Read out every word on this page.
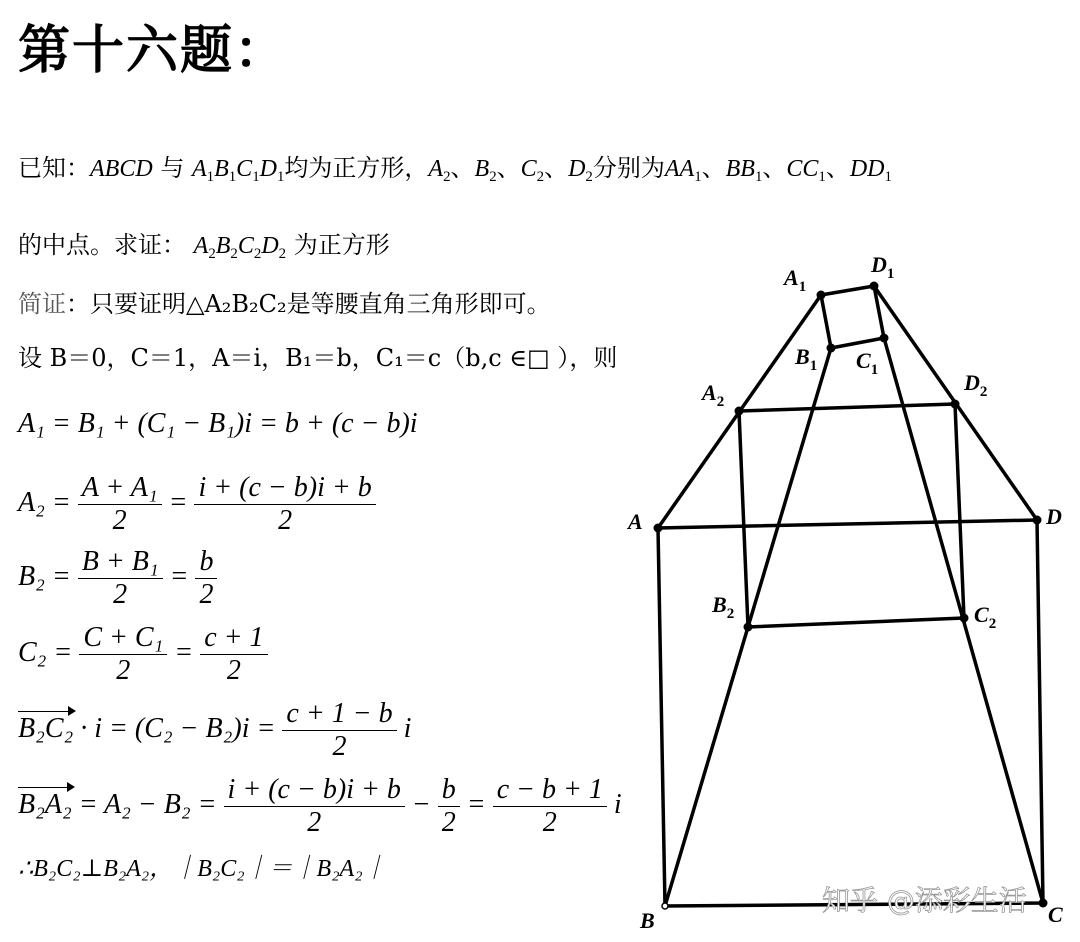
第十六题：
已知：ABCD 与 $A_1B_1C_1D_1$均为正方形，$A_2$、$B_2$、$C_2$、$D_2$分别为$AA_1$、$BB_1$、$CC_1$、$DD_1$
的中点。求证： $A_2B_2C_2D_2$ 为正方形
简证：只要证明△A₂B₂C₂是等腰直角三角形即可。
设 B＝0，C＝1，A＝i，B₁＝b，C₁＝c（b,c ∈□ ），则
A₁ = B₁ + (C₁ − B₁)i = b + (c − b)i
$A_2 = \frac{\text{A + A₁}}{2} = \frac{i + (c - b)i + b}{2}$
$B_2 = \frac{\text{B + B₁}}{2} = \frac{b}{2}$
$C_2 = \frac{\text{C + C₁}}{2} = \frac{c + 1}{2}$
$B_2C_2 \cdot i = (C_2 - B_2)i = \frac{c + 1 - b}{2}$ i
$B_2A_2 = A_2 - B_2 = \frac{i + (c - b)i + b}{2} - \frac{b}{2} = \frac{c - b + 1}{2}$ i
∴B₂C₂⊥B₂A₂，｜B₂C₂｜＝｜B₂A₂｜
$A_1$
$D_1$
$B_1$ $C_1$
$A_2$
$D_2$
$B_2$	$C_2$
A	D
B	C
知乎 @添彩生活
